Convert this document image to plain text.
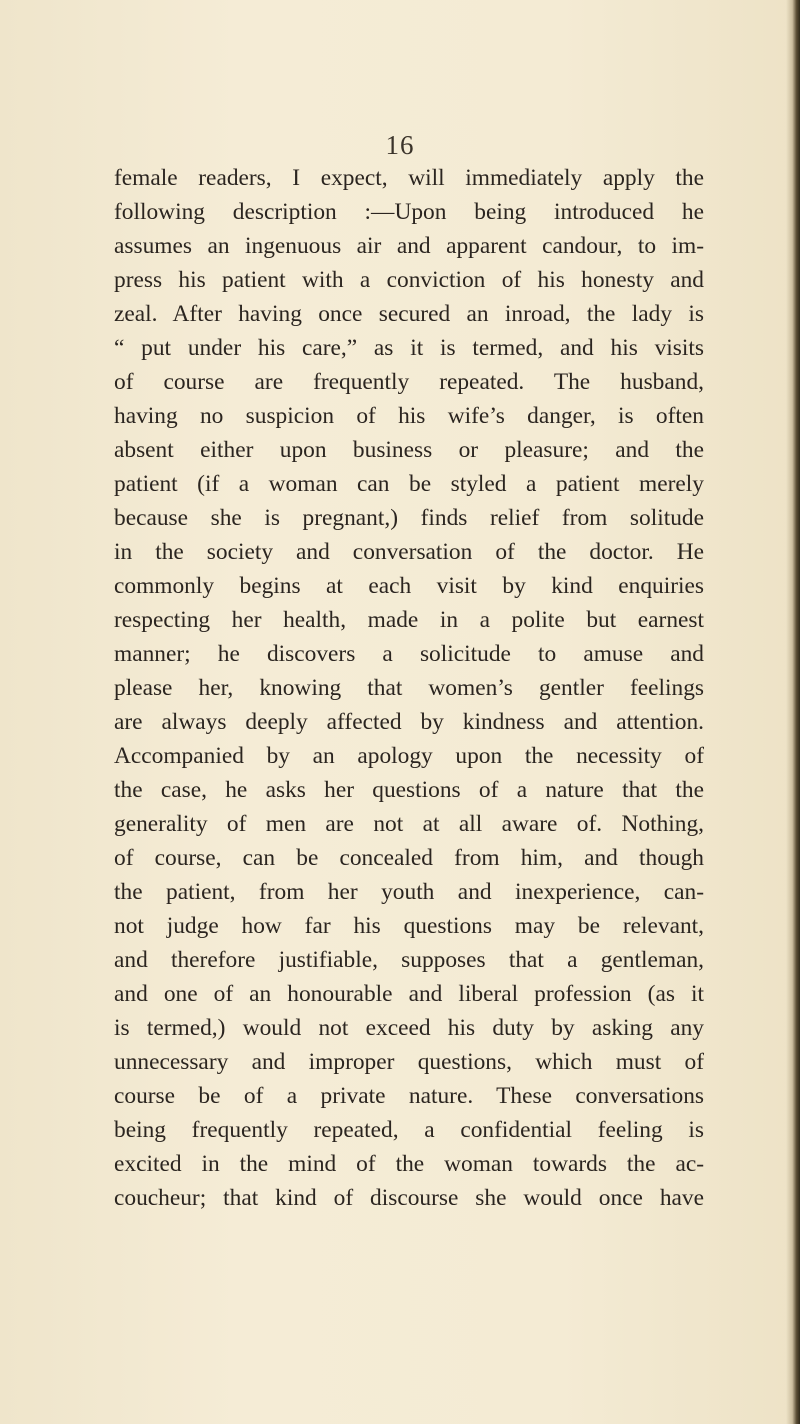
16
female readers, I expect, will immediately apply the
following description :—Upon being introduced he
assumes an ingenuous air and apparent candour, to im-
press his patient with a conviction of his honesty and
zeal. After having once secured an inroad, the lady is
“ put under his care,” as it is termed, and his visits
of course are frequently repeated. The husband,
having no suspicion of his wife’s danger, is often
absent either upon business or pleasure; and the
patient (if a woman can be styled a patient merely
because she is pregnant,) finds relief from solitude
in the society and conversation of the doctor. He
commonly begins at each visit by kind enquiries
respecting her health, made in a polite but earnest
manner; he discovers a solicitude to amuse and
please her, knowing that women’s gentler feelings
are always deeply affected by kindness and attention.
Accompanied by an apology upon the necessity of
the case, he asks her questions of a nature that the
generality of men are not at all aware of. Nothing,
of course, can be concealed from him, and though
the patient, from her youth and inexperience, can-
not judge how far his questions may be relevant,
and therefore justifiable, supposes that a gentleman,
and one of an honourable and liberal profession (as it
is termed,) would not exceed his duty by asking any
unnecessary and improper questions, which must of
course be of a private nature. These conversations
being frequently repeated, a confidential feeling is
excited in the mind of the woman towards the ac-
coucheur; that kind of discourse she would once have
